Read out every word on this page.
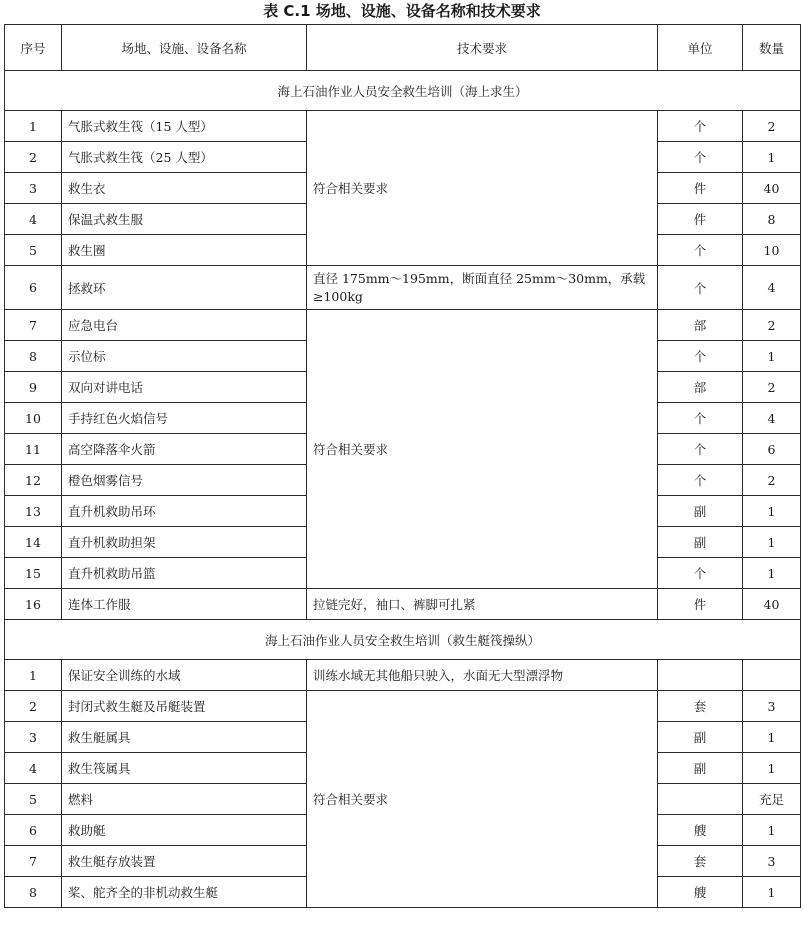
表 C.1 场地、设施、设备名称和技术要求
序号	场地、设施、设备名称	技术要求	单位	数量
海上石油作业人员安全救生培训（海上求生）				
1	气胀式救生筏（15 人型）	符合相关要求	个	2
2	气胀式救生筏（25 人型）		个	1
3	救生衣		件	40
4	保温式救生服		件	8
5	救生圈		个	10
6	拯救环	直径 175mm～195mm，断面直径 25mm～30mm，承载≥100kg	个	4
7	应急电台	符合相关要求	部	2
8	示位标		个	1
9	双向对讲电话		部	2
10	手持红色火焰信号		个	4
11	高空降落伞火箭		个	6
12	橙色烟雾信号		个	2
13	直升机救助吊环		副	1
14	直升机救助担架		副	1
15	直升机救助吊篮		个	1
16	连体工作服	拉链完好，袖口、裤脚可扎紧	件	40
海上石油作业人员安全救生培训（救生艇筏操纵）				
1	保证安全训练的水域	训练水域无其他船只驶入，水面无大型漂浮物		
2	封闭式救生艇及吊艇装置	符合相关要求	套	3
3	救生艇属具		副	1
4	救生筏属具		副	1
5	燃料			充足
6	救助艇		艘	1
7	救生艇存放装置		套	3
8	桨、舵齐全的非机动救生艇		艘	1
